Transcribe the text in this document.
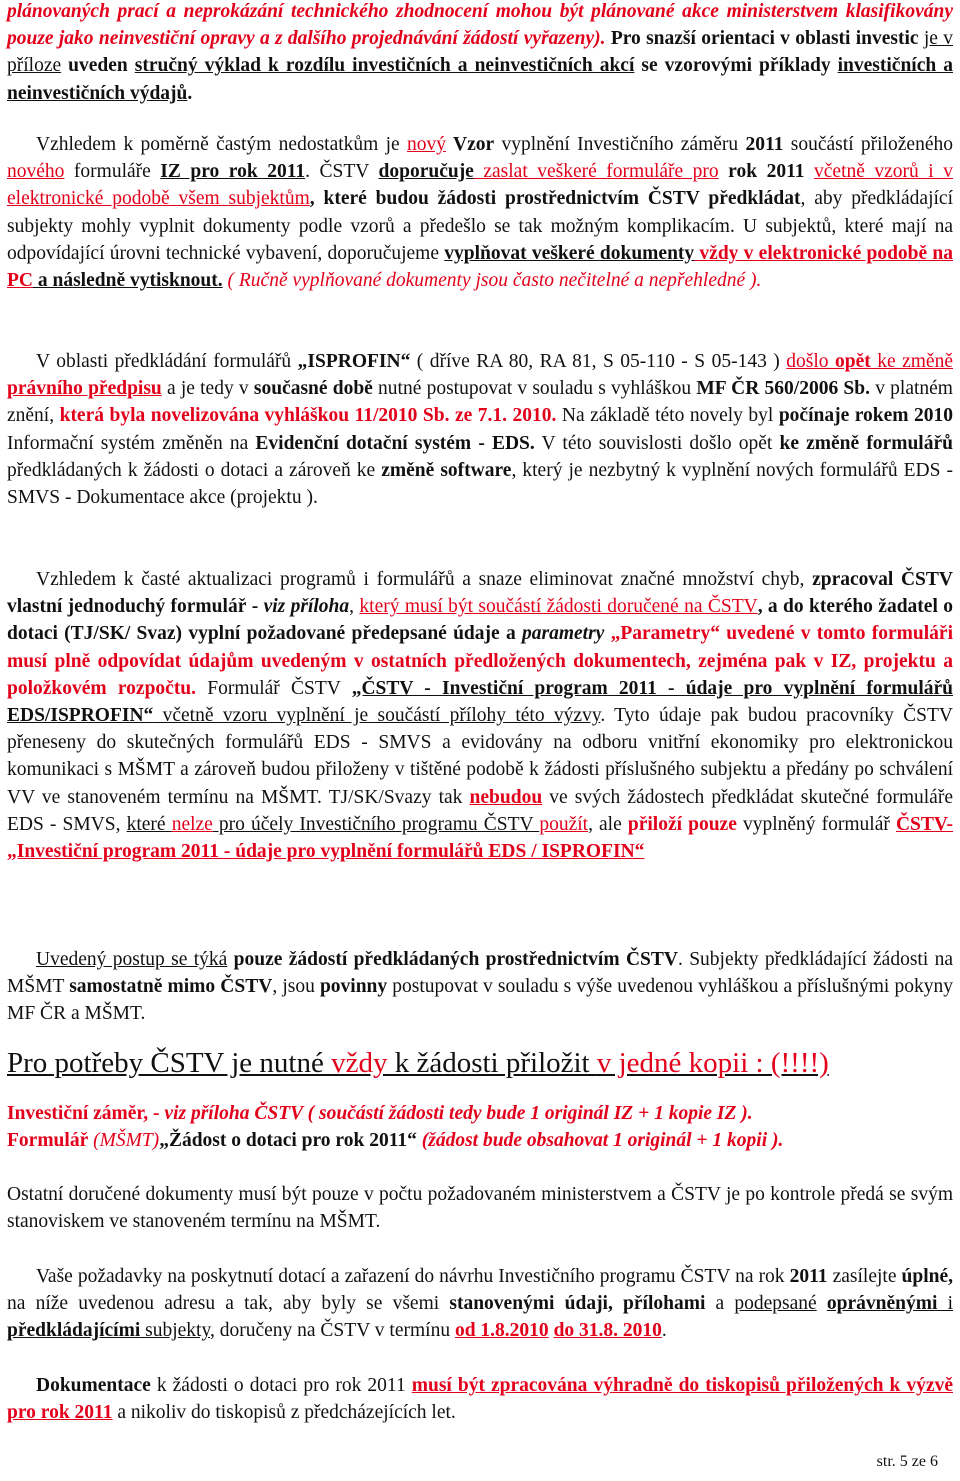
plánovaných prací a neprokázání technického zhodnocení mohou být plánované akce ministerstvem klasifikovány pouze jako neinvestiční opravy a z dalšího projednávání žádostí vyřazeny). Pro snazší orientaci v oblasti investic je v příloze uveden stručný výklad k rozdílu investičních a neinvestičních akcí se vzorovými příklady investičních a neinvestičních výdajů.

Vzhledem k poměrně častým nedostatkům je nový Vzor vyplnění Investičního záměru 2011 součástí přiloženého nového formuláře IZ pro rok 2011. ČSTV doporučuje zaslat veškeré formuláře pro rok 2011 včetně vzorů i v elektronické podobě všem subjektům, které budou žádosti prostřednictvím ČSTV předkládat, aby předkládající subjekty mohly vyplnit dokumenty podle vzorů a předešlo se tak možným komplikacím. U subjektů, které mají na odpovídající úrovni technické vybavení, doporučujeme vyplňovat veškeré dokumenty vždy v elektronické podobě na PC a následně vytisknout. ( Ručně vyplňované dokumenty jsou často nečitelné a nepřehledné ).

V oblasti předkládání formulářů „ISPROFIN“ ( dříve RA 80, RA 81, S 05-110 - S 05-143 ) došlo opět ke změně právního předpisu a je tedy v současné době nutné postupovat v souladu s vyhláškou MF ČR 560/2006 Sb. v platném znění, která byla novelizována vyhláškou 11/2010 Sb. ze 7.1. 2010. Na základě této novely byl počínaje rokem 2010 Informační systém změněn na Evidenční dotační systém - EDS. V této souvislosti došlo opět ke změně formulářů předkládaných k žádosti o dotaci a zároveň ke změně software, který je nezbytný k vyplnění nových formulářů EDS - SMVS - Dokumentace akce (projektu ).

Vzhledem k časté aktualizaci programů i formulářů a snaze eliminovat značné množství chyb, zpracoval ČSTV vlastní jednoduchý formulář - viz příloha, který musí být součástí žádosti doručené na ČSTV, a do kterého žadatel o dotaci (TJ/SK/ Svaz) vyplní požadované předepsané údaje a parametry „Parametry“ uvedené v tomto formuláři musí plně odpovídat údajům uvedeným v ostatních předložených dokumentech, zejména pak v IZ, projektu a položkovém rozpočtu. Formulář ČSTV „ČSTV - Investiční program 2011 - údaje pro vyplnění formulářů EDS/ISPROFIN“ včetně vzoru vyplnění je součástí přílohy této výzvy. Tyto údaje pak budou pracovníky ČSTV přeneseny do skutečných formulářů EDS - SMVS a evidovány na odboru vnitřní ekonomiky pro elektronickou komunikaci s MŠMT a zároveň budou přiloženy v tištěné podobě k žádosti příslušného subjektu a předány po schválení VV ve stanoveném termínu na MŠMT. TJ/SK/Svazy tak nebudou ve svých žádostech předkládat skutečné formuláře EDS - SMVS, které nelze pro účely Investičního programu ČSTV použít, ale přiloží pouze vyplněný formulář ČSTV- „Investiční program 2011 - údaje pro vyplnění formulářů EDS / ISPROFIN“

Uvedený postup se týká pouze žádostí předkládaných prostřednictvím ČSTV. Subjekty předkládající žádosti na MŠMT samostatně mimo ČSTV, jsou povinny postupovat v souladu s výše uvedenou vyhláškou a příslušnými pokyny MF ČR a MŠMT.

Pro potřeby ČSTV je nutné vždy k žádosti přiložit v jedné kopii : (!!!!)

Investiční záměr, - viz příloha ČSTV ( součástí žádosti tedy bude 1 originál IZ + 1 kopie IZ ).
Formulář (MŠMT)„Žádost o dotaci pro rok 2011“ (žádost bude obsahovat 1 originál + 1 kopii ).

Ostatní doručené dokumenty musí být pouze v počtu požadovaném ministerstvem a ČSTV je po kontrole předá se svým stanoviskem ve stanoveném termínu na MŠMT.

Vaše požadavky na poskytnutí dotací a zařazení do návrhu Investičního programu ČSTV na rok 2011 zasílejte úplné, na níže uvedenou adresu a tak, aby byly se všemi stanovenými údaji, přílohami a podepsané oprávněnými i předkládajícími subjekty, doručeny na ČSTV v termínu od 1.8.2010 do 31.8. 2010.

Dokumentace k žádosti o dotaci pro rok 2011 musí být zpracována výhradně do tiskopisů přiložených k výzvě pro rok 2011 a nikoliv do tiskopisů z předcházejících let.

str. 5 ze 6
